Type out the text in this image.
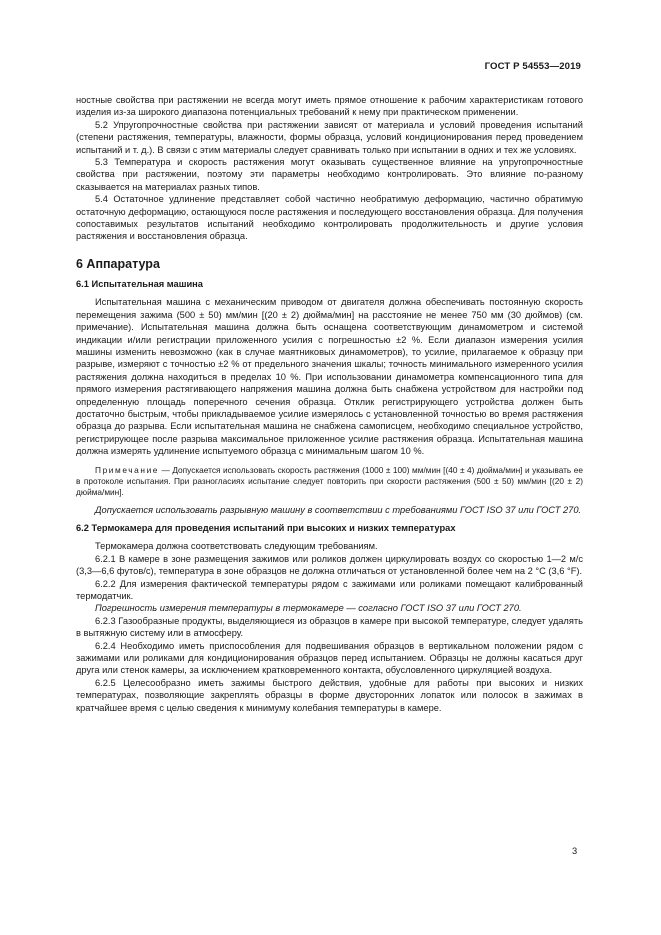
ГОСТ Р 54553—2019

ностные свойства при растяжении не всегда могут иметь прямое отношение к рабочим характеристикам готового изделия из-за широкого диапазона потенциальных требований к нему при практическом применении.

5.2 Упругопрочностные свойства при растяжении зависят от материала и условий проведения испытаний (степени растяжения, температуры, влажности, формы образца, условий кондиционирования перед проведением испытаний и т. д.). В связи с этим материалы следует сравнивать только при испытании в одних и тех же условиях.

5.3 Температура и скорость растяжения могут оказывать существенное влияние на упругопрочностные свойства при растяжении, поэтому эти параметры необходимо контролировать. Это влияние по-разному сказывается на материалах разных типов.

5.4 Остаточное удлинение представляет собой частично необратимую деформацию, частично обратимую остаточную деформацию, остающуюся после растяжения и последующего восстановления образца. Для получения сопоставимых результатов испытаний необходимо контролировать продолжительность и другие условия растяжения и восстановления образца.

6 Аппаратура
6.1 Испытательная машина

Испытательная машина с механическим приводом от двигателя должна обеспечивать постоянную скорость перемещения зажима (500 ± 50) мм/мин [(20 ± 2) дюйма/мин] на расстояние не менее 750 мм (30 дюймов) (см. примечание). Испытательная машина должна быть оснащена соответствующим динамометром и системой индикации и/или регистрации приложенного усилия с погрешностью ±2 %. Если диапазон измерения усилия машины изменить невозможно (как в случае маятниковых динамометров), то усилие, прилагаемое к образцу при разрыве, измеряют с точностью ±2 % от предельного значения шкалы; точность минимального измеренного усилия растяжения должна находиться в пределах 10 %. При использовании динамометра компенсационного типа для прямого измерения растягивающего напряжения машина должна быть снабжена устройством для настройки под определенную площадь поперечного сечения образца. Отклик регистрирующего устройства должен быть достаточно быстрым, чтобы прикладываемое усилие измерялось с установленной точностью во время растяжения образца до разрыва. Если испытательная машина не снабжена самописцем, необходимо специальное устройство, регистрирующее после разрыва максимальное приложенное усилие растяжения образца. Испытательная машина должна измерять удлинение испытуемого образца с минимальным шагом 10 %.

Примечание — Допускается использовать скорость растяжения (1000 ± 100) мм/мин [(40 ± 4) дюйма/мин] и указывать ее в протоколе испытания. При разногласиях испытание следует повторить при скорости растяжения (500 ± 50) мм/мин [(20 ± 2) дюйма/мин].

Допускается использовать разрывную машину в соответствии с требованиями ГОСТ ISO 37 или ГОСТ 270.

6.2 Термокамера для проведения испытаний при высоких и низких температурах

Термокамера должна соответствовать следующим требованиям.

6.2.1 В камере в зоне размещения зажимов или роликов должен циркулировать воздух со скоростью 1—2 м/с (3,3—6,6 футов/с), температура в зоне образцов не должна отличаться от установленной более чем на 2 °С (3,6 °F).

6.2.2 Для измерения фактической температуры рядом с зажимами или роликами помещают калиброванный термодатчик.

Погрешность измерения температуры в термокамере — согласно ГОСТ ISO 37 или ГОСТ 270.

6.2.3 Газообразные продукты, выделяющиеся из образцов в камере при высокой температуре, следует удалять в вытяжную систему или в атмосферу.

6.2.4 Необходимо иметь приспособления для подвешивания образцов в вертикальном положении рядом с зажимами или роликами для кондиционирования образцов перед испытанием. Образцы не должны касаться друг друга или стенок камеры, за исключением кратковременного контакта, обусловленного циркуляцией воздуха.

6.2.5 Целесообразно иметь зажимы быстрого действия, удобные для работы при высоких и низких температурах, позволяющие закреплять образцы в форме двусторонних лопаток или полосок в зажимах в кратчайшее время с целью сведения к минимуму колебания температуры в камере.

3
